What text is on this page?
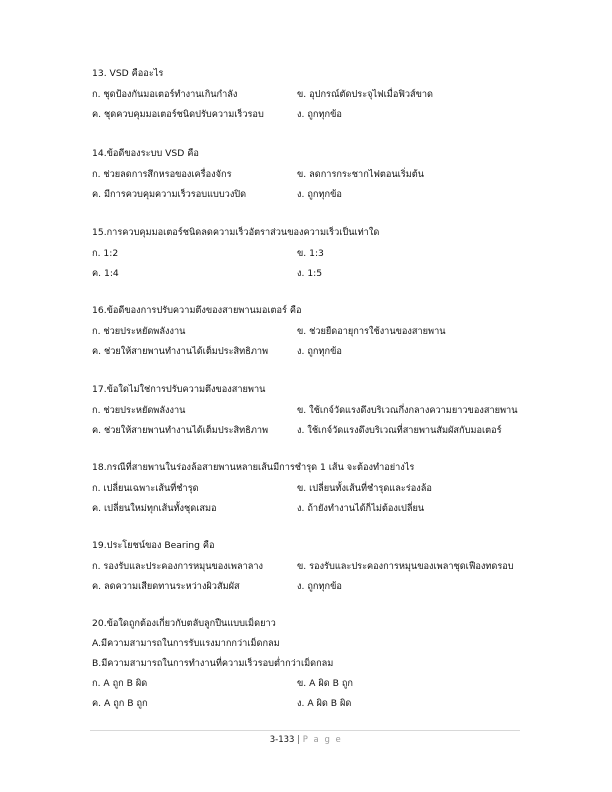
13. VSD คืออะไร
ก. ชุดป้องกันมอเตอร์ทำงานเกินกำลัง	ข. อุปกรณ์ตัดประจุไฟเมื่อฟิวส์ขาด
ค. ชุดควบคุมมอเตอร์ชนิดปรับความเร็วรอบ	ง. ถูกทุกข้อ
14.ข้อดีของระบบ VSD คือ
ก. ช่วยลดการสึกหรอของเครื่องจักร	ข. ลดการกระชากไฟตอนเริ่มต้น
ค. มีการควบคุมความเร็วรอบแบบวงปิด	ง. ถูกทุกข้อ
15.การควบคุมมอเตอร์ชนิดลดความเร็วอัตราส่วนของความเร็วเป็นเท่าใด
ก. 1:2	ข. 1:3
ค. 1:4	ง. 1:5
16.ข้อดีของการปรับความตึงของสายพานมอเตอร์ คือ
ก. ช่วยประหยัดพลังงาน	ข. ช่วยยืดอายุการใช้งานของสายพาน
ค. ช่วยให้สายพานทำงานได้เต็มประสิทธิภาพ	ง. ถูกทุกข้อ
17.ข้อใดไม่ใช่การปรับความตึงของสายพาน
ก. ช่วยประหยัดพลังงาน	ข. ใช้เกจ์วัดแรงดึงบริเวณกึ่งกลางความยาวของสายพาน
ค. ช่วยให้สายพานทำงานได้เต็มประสิทธิภาพ	ง. ใช้เกจ์วัดแรงดึงบริเวณที่สายพานสัมผัสกับมอเตอร์
18.กรณีที่สายพานในร่องล้อสายพานหลายเส้นมีการชำรุด 1 เส้น จะต้องทำอย่างไร
ก. เปลี่ยนเฉพาะเส้นที่ชำรุด	ข. เปลี่ยนทั้งเส้นที่ชำรุดและร่องล้อ
ค. เปลี่ยนใหม่ทุกเส้นทั้งชุดเสมอ	ง. ถ้ายังทำงานได้ก็ไม่ต้องเปลี่ยน
19.ประโยชน์ของ Bearing คือ
ก. รองรับและประคองการหมุนของเพลาลาง	ข. รองรับและประคองการหมุนของเพลาชุดเฟืองทดรอบ
ค. ลดความเสียดทานระหว่างผิวสัมผัส	ง. ถูกทุกข้อ
20.ข้อใดถูกต้องเกี่ยวกับตลับลูกปืนแบบเม็ดยาว
A.มีความสามารถในการรับแรงมากกว่าเม็ดกลม
B.มีความสามารถในการทำงานที่ความเร็วรอบต่ำกว่าเม็ดกลม
ก. A ถูก B ผิด	ข. A ผิด B ถูก
ค. A ถูก B ถูก	ง. A ผิด B ผิด
3-133 | P a g e
